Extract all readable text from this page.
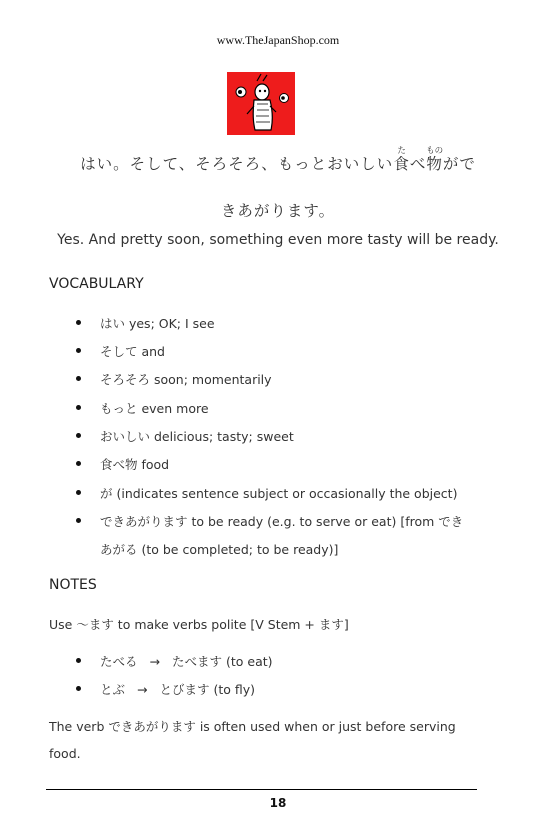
www.TheJapanShop.com
はい。そして、そろそろ、もっとおいしい食たべ物ものがで
きあがります。
Yes. And pretty soon, something even more tasty will be ready.
VOCABULARY
はい yes; OK; I see
そして and
そろそろ soon; momentarily
もっと even more
おいしい delicious; tasty; sweet
食べ物 food
が (indicates sentence subject or occasionally the object)
できあがります to be ready (e.g. to serve or eat) [from でき
あがる (to be completed; to be ready)]
NOTES
Use ～ます to make verbs polite [V Stem + ます]
たべる → たべます (to eat)
とぶ → とびます (to fly)
The verb できあがります is often used when or just before serving
food.
18
